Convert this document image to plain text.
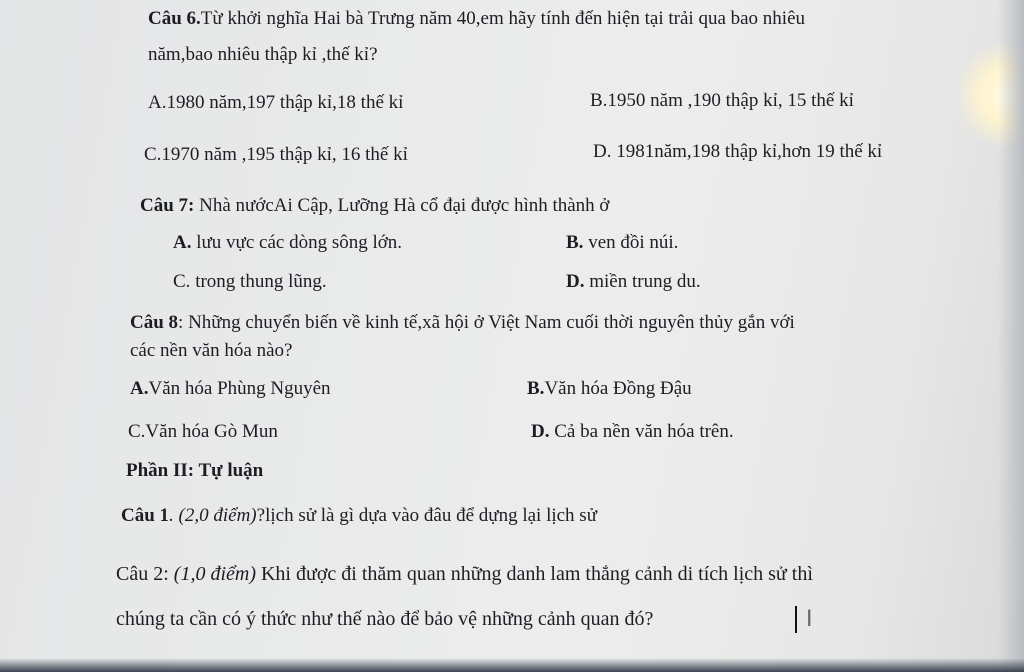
Câu 6.Từ khởi nghĩa Hai bà Trưng năm 40,em hãy tính đến hiện tại trải qua bao nhiêu
năm,bao nhiêu thập kỉ ,thế kỉ?
A.1980 năm,197 thập kỉ,18 thế kỉ	B.1950 năm ,190 thập kỉ, 15 thế kỉ
C.1970 năm ,195 thập kỉ, 16 thế kỉ	D. 1981năm,198 thập kỉ,hơn 19 thế kỉ
Câu 7: Nhà nướcAi Cập, Lưỡng Hà cổ đại được hình thành ở
A. lưu vực các dòng sông lớn.	B. ven đồi núi.
C. trong thung lũng.	D. miền trung du.
Câu 8: Những chuyển biến về kinh tế,xã hội ở Việt Nam cuối thời nguyên thủy gắn với
các nền văn hóa nào?
A.Văn hóa Phùng Nguyên	B.Văn hóa Đồng Đậu
C.Văn hóa Gò Mun	D. Cả ba nền văn hóa trên.
Phần II: Tự luận
Câu 1. (2,0 điểm)?lịch sử là gì dựa vào đâu để dựng lại lịch sử
Câu 2: (1,0 điểm) Khi được đi thăm quan những danh lam thắng cảnh di tích lịch sử thì
chúng ta cần có ý thức như thế nào để bảo vệ những cảnh quan đó?	I
